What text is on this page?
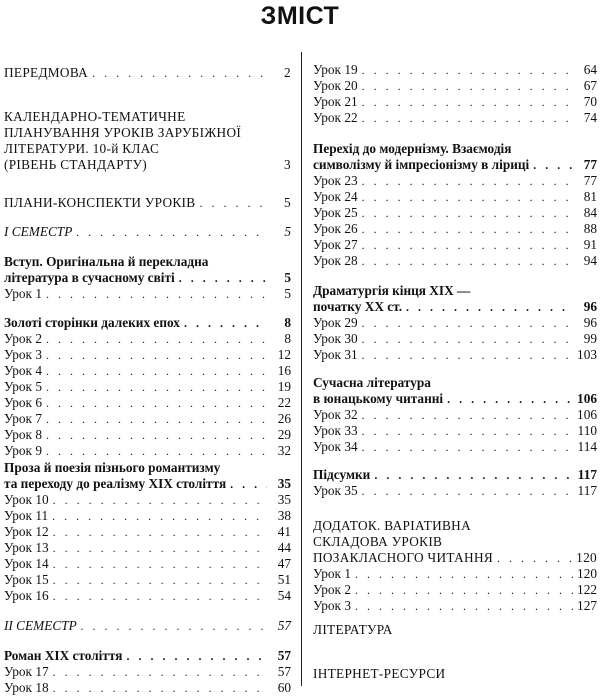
ЗМІСТ
ПЕРЕДМОВА . . .	2
КАЛЕНДАРНО-ТЕМАТИЧНЕ
ПЛАНУВАННЯ УРОКІВ ЗАРУБІЖНОЇ
ЛІТЕРАТУРИ. 10-й КЛАС
(РІВЕНЬ СТАНДАРТУ)	3
ПЛАНИ-КОНСПЕКТИ УРОКІВ . . .	5
I СЕМЕСТР . . .	5
Вступ. Оригінальна й перекладна
література в сучасному світі . . .	5
Урок 1 . . .	5
Золоті сторінки далеких епох . . .	8
Урок 2 . . .	8
Урок 3 . . .	12
Урок 4 . . .	16
Урок 5 . . .	19
Урок 6 . . .	22
Урок 7 . . .	26
Урок 8 . . .	29
Урок 9 . . .	32
Проза й поезія пізнього романтизму
та переходу до реалізму XIX століття . . .	35
Урок 10 . . .	35
Урок 11 . . .	38
Урок 12 . . .	41
Урок 13 . . .	44
Урок 14 . . .	47
Урок 15 . . .	51
Урок 16 . . .	54
II СЕМЕСТР . . .	57
Роман XIX століття . . .	57
Урок 17 . . .	57
Урок 18 . . .	60
Урок 19 . . .	64
Урок 20 . . .	67
Урок 21 . . .	70
Урок 22 . . .	74
Перехід до модернізму. Взаємодія
символізму й імпресіонізму в ліриці . . .	77
Урок 23 . . .	77
Урок 24 . . .	81
Урок 25 . . .	84
Урок 26 . . .	88
Урок 27 . . .	91
Урок 28 . . .	94
Драматургія кінця XIX —
початку XX ст. . . .	96
Урок 29 . . .	96
Урок 30 . . .	99
Урок 31 . . .	103
Сучасна література
в юнацькому читанні . . .	106
Урок 32 . . .	106
Урок 33 . . .	110
Урок 34 . . .	114
Підсумки . . .	117
Урок 35 . . .	117
ДОДАТОК. ВАРІАТИВНА
СКЛАДОВА УРОКІВ
ПОЗАКЛАСНОГО ЧИТАННЯ . . .	120
Урок 1 . . .	120
Урок 2 . . .	122
Урок 3 . . .	127
ЛІТЕРАТУРА
ІНТЕРНЕТ-РЕСУРСИ
